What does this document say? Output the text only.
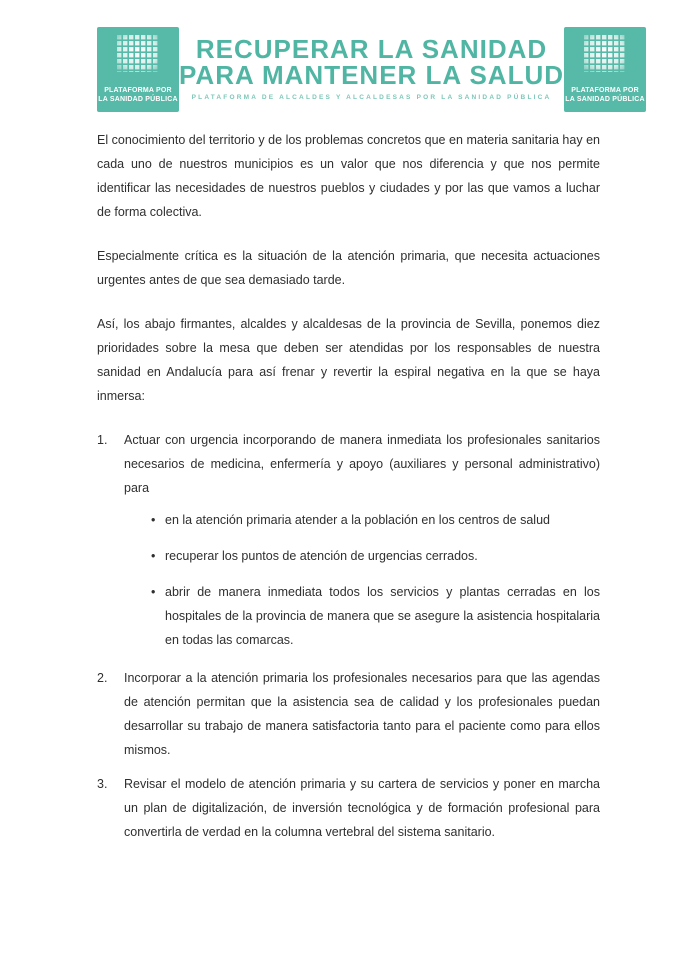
PLATAFORMA POR
LA SANIDAD PÚBLICA
RECUPERAR LA SANIDAD
PARA MANTENER LA SALUD
PLATAFORMA DE ALCALDES Y ALCALDESAS POR LA SANIDAD PÚBLICA
PLATAFORMA POR
LA SANIDAD PÚBLICA

El conocimiento del territorio y de los problemas concretos que en materia sanitaria hay en cada uno de nuestros municipios es un valor que nos diferencia y que nos permite identificar las necesidades de nuestros pueblos y ciudades y por las que vamos a luchar de forma colectiva.

Especialmente crítica es la situación de la atención primaria, que necesita actuaciones urgentes antes de que sea demasiado tarde.

Así, los abajo firmantes, alcaldes y alcaldesas de la provincia de Sevilla, ponemos diez prioridades sobre la mesa que deben ser atendidas por los responsables de nuestra sanidad en Andalucía para así frenar y revertir la espiral negativa en la que se haya inmersa:

1.	Actuar con urgencia incorporando de manera inmediata los profesionales sanitarios necesarios de medicina, enfermería y apoyo (auxiliares y personal administrativo) para

• en la atención primaria atender a la población en los centros de salud
• recuperar los puntos de atención de urgencias cerrados.
• abrir de manera inmediata todos los servicios y plantas cerradas en los hospitales de la provincia de manera que se asegure la asistencia hospitalaria en todas las comarcas.
2.	Incorporar a la atención primaria los profesionales necesarios para que las agendas de atención permitan que la asistencia sea de calidad y los profesionales puedan desarrollar su trabajo de manera satisfactoria tanto para el paciente como para ellos mismos.

3.	Revisar el modelo de atención primaria y su cartera de servicios y poner en marcha un plan de digitalización, de inversión tecnológica y de formación profesional para convertirla de verdad en la columna vertebral del sistema sanitario.
